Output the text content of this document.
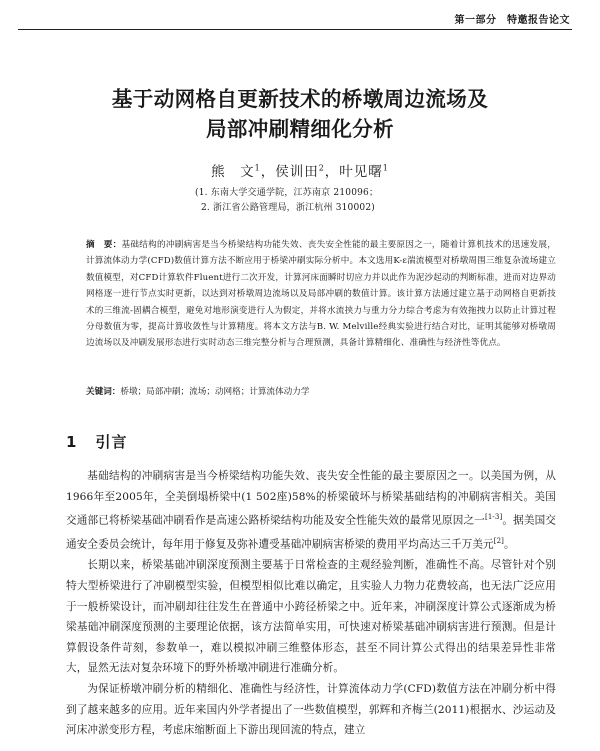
第一部分　特邀报告论文
基于动网格自更新技术的桥墩周边流场及
局部冲刷精细化分析
熊　文$^1$，侯训田$^2$，叶见曙$^1$
(1. 东南大学交通学院，江苏南京 210096；
2. 浙江省公路管理局，浙江杭州 310002)
摘　要：基础结构的冲刷病害是当今桥梁结构功能失效、丧失安全性能的最主要原因之一，随着计算机技术的迅速发展，计算流体动力学(CFD)数值计算方法不断应用于桥梁冲刷实际分析中。本文选用K-ε湍流模型对桥墩周围三维复杂流场建立数值模型，对CFD计算软件Fluent进行二次开发，计算河床面瞬时切应力并以此作为泥沙起动的判断标准，进而对边界动网格逐一进行节点实时更新，以达到对桥墩周边流场以及局部冲刷的数值计算。该计算方法通过建立基于动网格自更新技术的三维流-固耦合模型，避免对地形演变进行人为假定，并将水流挟力与重力分力综合考虑为有效拖拽力以防止计算过程分母数值为零，提高计算收敛性与计算精度。将本文方法与B. W. Melville经典实验进行结合对比，证明其能够对桥墩周边流场以及冲刷发展形态进行实时动态三维完整分析与合理预测，具备计算精细化、准确性与经济性等优点。
关键词：桥墩；局部冲刷；流场；动网格；计算流体动力学
1 引言

基础结构的冲刷病害是当今桥梁结构功能失效、丧失安全性能的最主要原因之一。以美国为例，从1966年至2005年，全美倒塌桥梁中(1 502座)58%的桥梁破坏与桥梁基础结构的冲刷病害相关。美国交通部已将桥梁基础冲刷看作是高速公路桥梁结构功能及安全性能失效的最常见原因之一[1-3]。据美国交通安全委员会统计，每年用于修复及弥补遭受基础冲刷病害桥梁的费用平均高达三千万美元[2]。

长期以来，桥梁基础冲刷深度预测主要基于日常检查的主观经验判断，准确性不高。尽管针对个别特大型桥梁进行了冲刷模型实验，但模型相似比难以确定，且实验人力物力花费较高，也无法广泛应用于一般桥梁设计，而冲刷却往往发生在普通中小跨径桥梁之中。近年来，冲刷深度计算公式逐渐成为桥梁基础冲刷深度预测的主要理论依据，该方法简单实用，可快速对桥梁基础冲刷病害进行预测。但是计算假设条件苛刻，参数单一，难以模拟冲刷三维整体形态，甚至不同计算公式得出的结果差异性非常大，显然无法对复杂环境下的野外桥墩冲刷进行准确分析。

为保证桥墩冲刷分析的精细化、准确性与经济性，计算流体动力学(CFD)数值方法在冲刷分析中得到了越来越多的应用。近年来国内外学者提出了一些数值模型，郭辉和齐梅兰(2011)根据水、沙运动及河床冲淤变形方程，考虑床缩断面上下游出现回流的特点，建立
